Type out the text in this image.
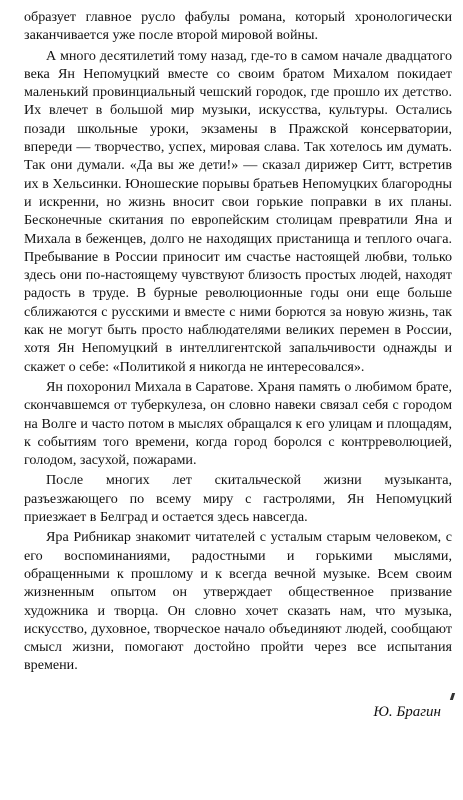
образует главное русло фабулы романа, который хронологически заканчивается уже после второй мировой войны.

А много десятилетий тому назад, где-то в самом начале двадцатого века Ян Непомуцкий вместе со своим братом Михалом покидает маленький провинциальный чешский городок, где прошло их детство. Их влечет в большой мир музыки, искусства, культуры. Остались позади школьные уроки, экзамены в Пражской консерватории, впереди — творчество, успех, мировая слава. Так хотелось им думать. Так они думали. «Да вы же дети!» — сказал дирижер Ситт, встретив их в Хельсинки. Юношеские порывы братьев Непомуцких благородны и искренни, но жизнь вносит свои горькие поправки в их планы. Бесконечные скитания по европейским столицам превратили Яна и Михала в беженцев, долго не находящих пристанища и теплого очага. Пребывание в России приносит им счастье настоящей любви, только здесь они по-настоящему чувствуют близость простых людей, находят радость в труде. В бурные революционные годы они еще больше сближаются с русскими и вместе с ними борются за новую жизнь, так как не могут быть просто наблюдателями великих перемен в России, хотя Ян Непомуцкий в интеллигентской запальчивости однажды и скажет о себе: «Политикой я никогда не интересовался».

Ян похоронил Михала в Саратове. Храня память о любимом брате, скончавшемся от туберкулеза, он словно навеки связал себя с городом на Волге и часто потом в мыслях обращался к его улицам и площадям, к событиям того времени, когда город боролся с контрреволюцией, голодом, засухой, пожарами.

После многих лет скитальческой жизни музыканта, разъезжающего по всему миру с гастролями, Ян Непомуцкий приезжает в Белград и остается здесь навсегда.

Яра Рибникар знакомит читателей с усталым старым человеком, с его воспоминаниями, радостными и горькими мыслями, обращенными к прошлому и к всегда вечной музыке. Всем своим жизненным опытом он утверждает общественное призвание художника и творца. Он словно хочет сказать нам, что музыка, искусство, духовное, творческое начало объединяют людей, сообщают смысл жизни, помогают достойно пройти через все испытания времени.

Ю. Брагин
